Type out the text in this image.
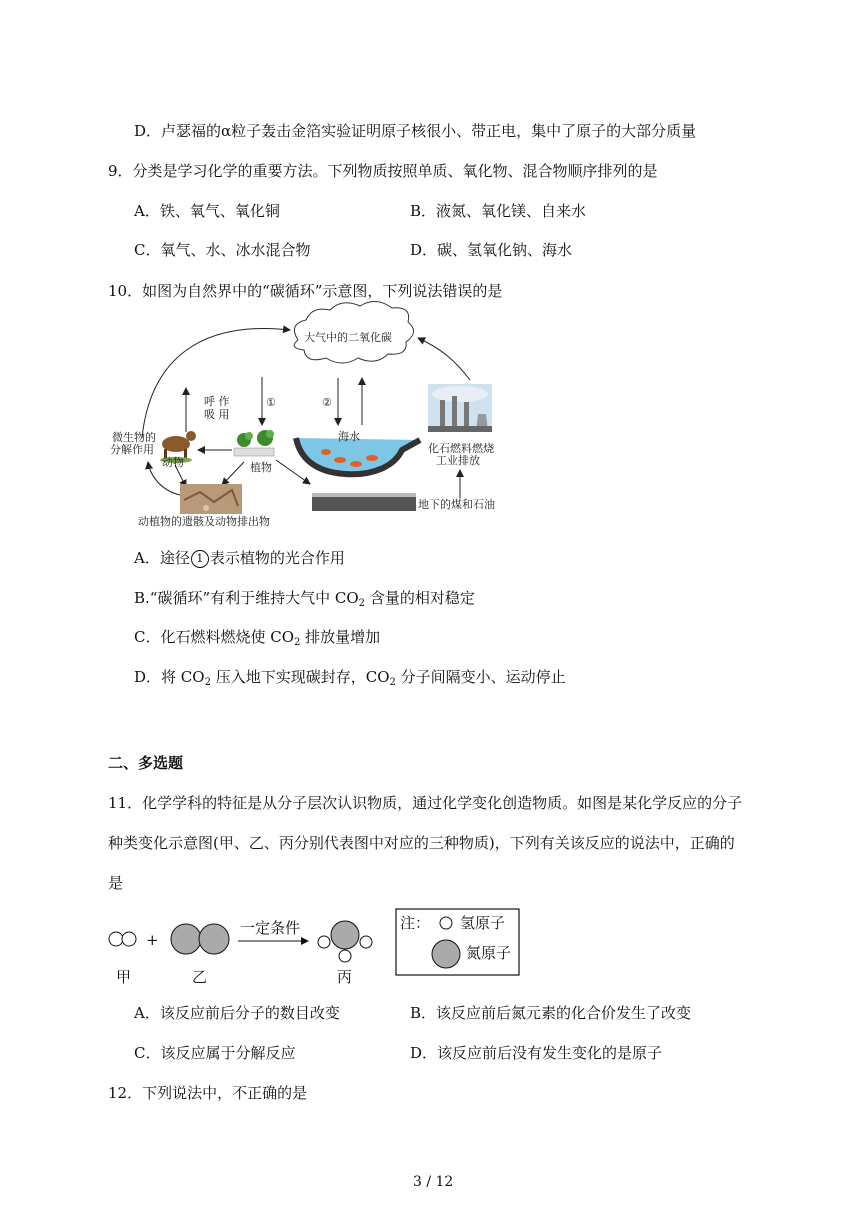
D．卢瑟福的α粒子轰击金箔实验证明原子核很小、带正电，集中了原子的大部分质量
9．分类是学习化学的重要方法。下列物质按照单质、氧化物、混合物顺序排列的是
A．铁、氧气、氧化铜	B．液氮、氧化镁、自来水
C．氧气、水、冰水混合物	D．碳、氢氧化钠、海水
10．如图为自然界中的“碳循环”示意图，下列说法错误的是
大气中的二氧化碳
呼 作
吸 用
①	②
海水
微生物的
分解作用
动物	植物
化石燃料燃烧
工业排放
地下的煤和石油
动植物的遗骸及动物排出物
A．途径 1 表示植物的光合作用
B.“碳循环”有利于维持大气中 $CO_2$ 含量的相对稳定
C．化石燃料燃烧使 $CO_2$ 排放量增加
D．将 $CO_2$ 压入地下实现碳封存，$CO_2$ 分子间隔变小、运动停止
二、多选题
11．化学学科的特征是从分子层次认识物质，通过化学变化创造物质。如图是某化学反应的分子
种类变化示意图(甲、乙、丙分别代表图中对应的三种物质)，下列有关该反应的说法中，正确的
是
+
一定条件
甲	乙	丙
注： 氢原子
氮原子
A．该反应前后分子的数目改变	B．该反应前后氮元素的化合价发生了改变
C．该反应属于分解反应	D．该反应前后没有发生变化的是原子
12．下列说法中，不正确的是
3 / 12
